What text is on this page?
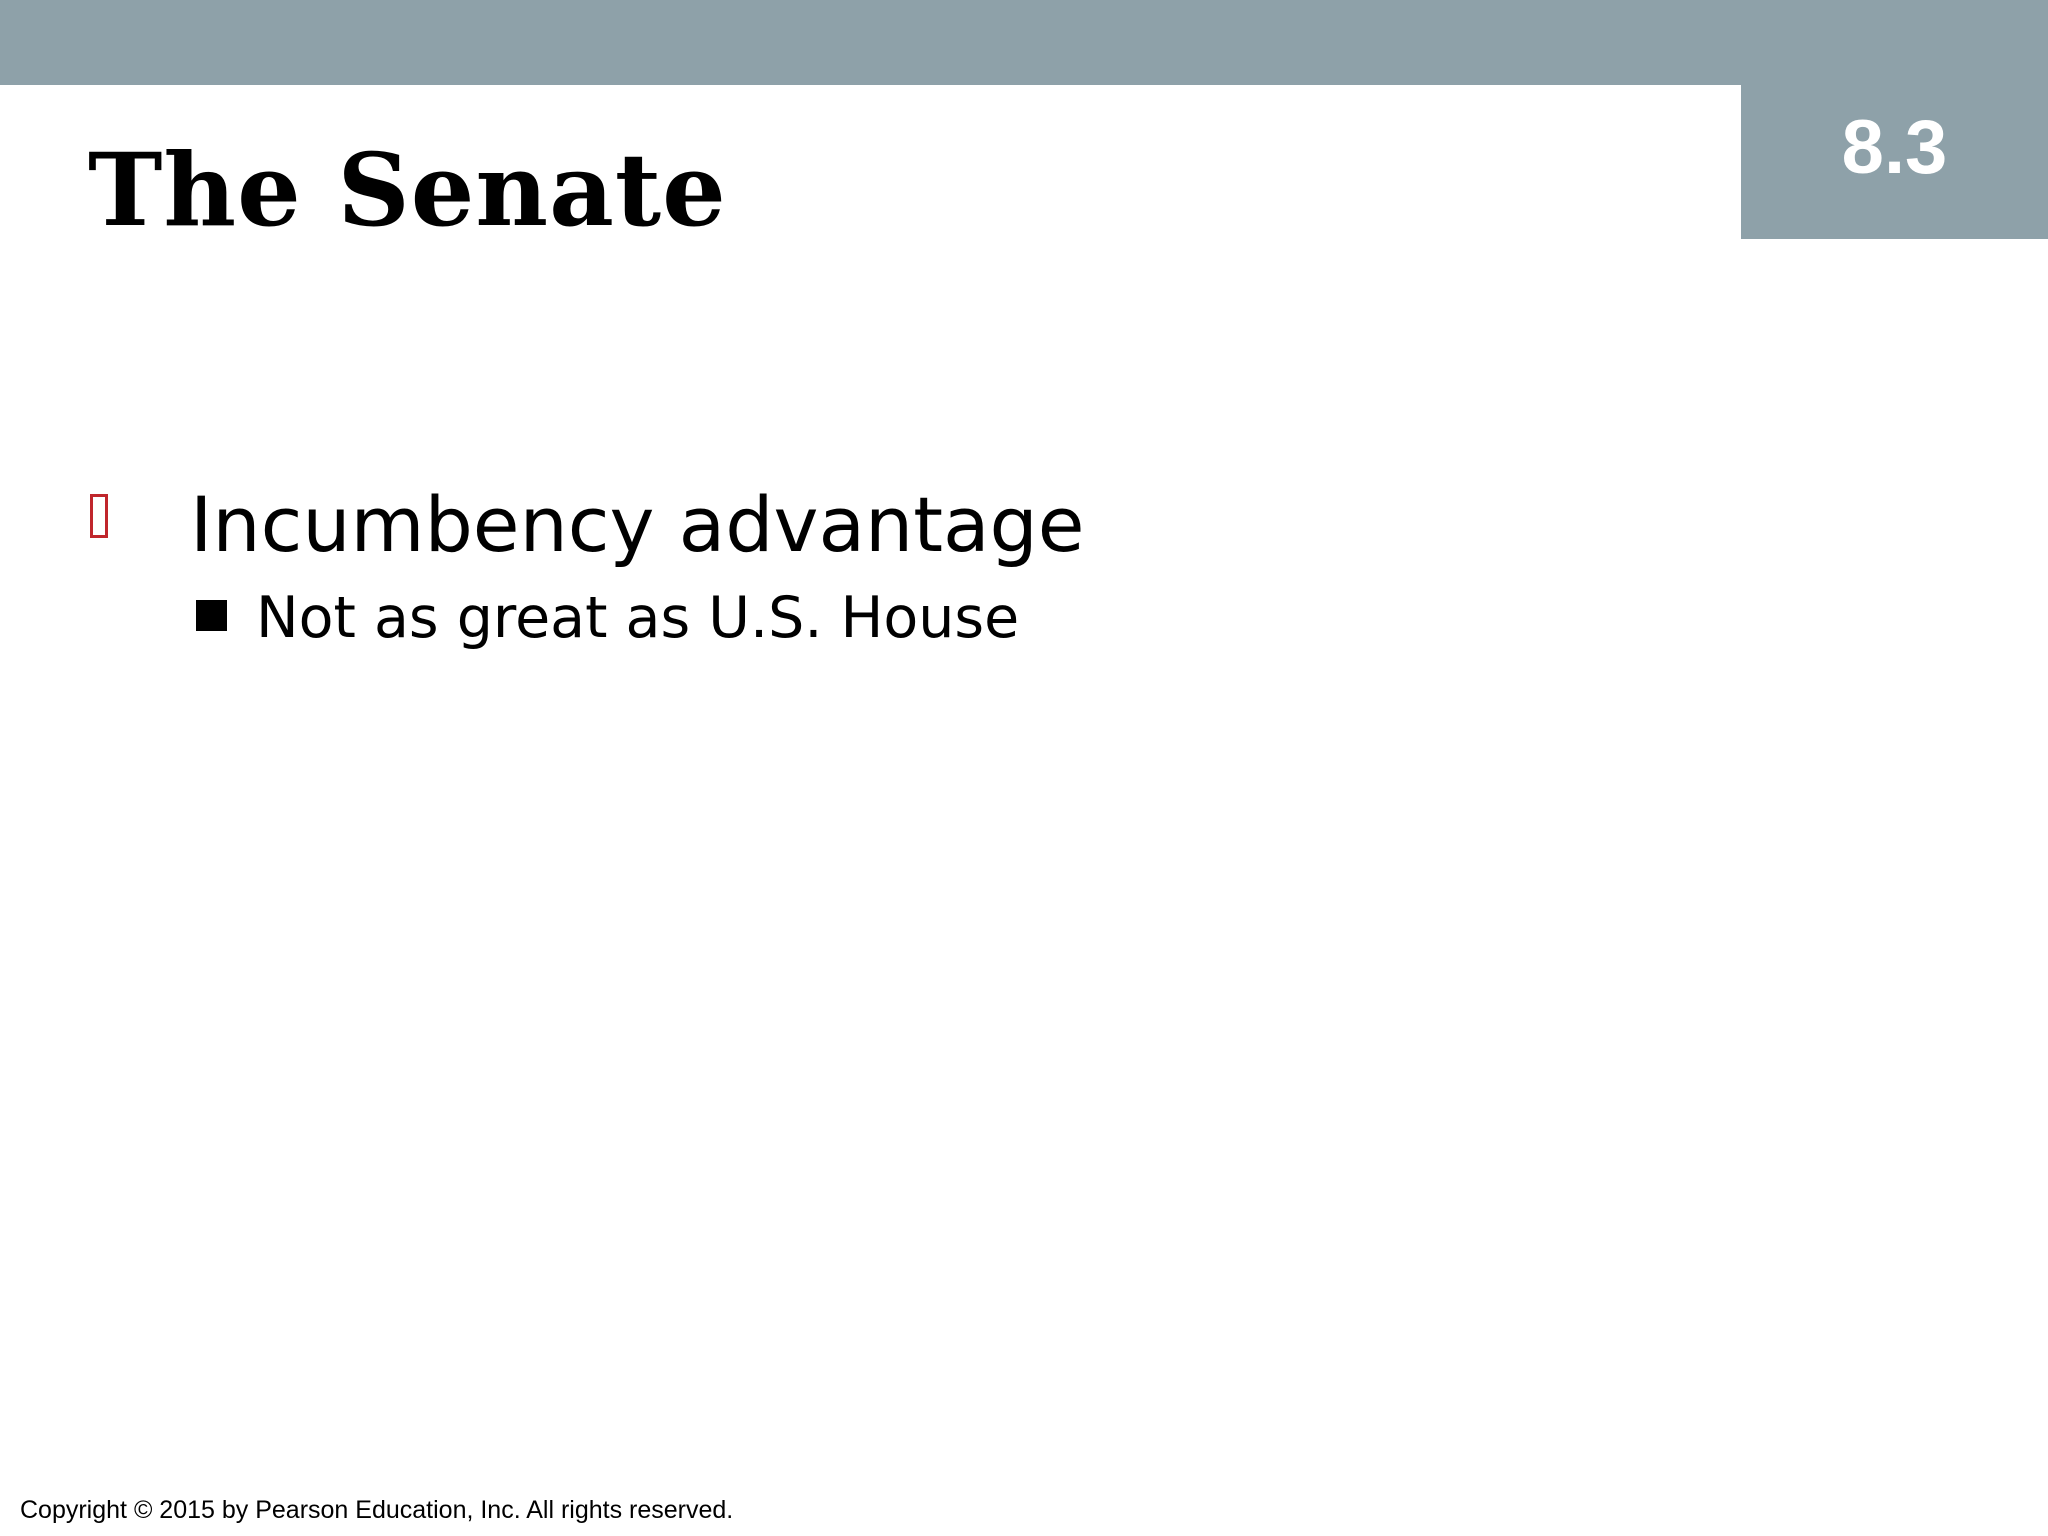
8.3
The Senate
Incumbency advantage
Not as great as U.S. House
Copyright © 2015 by Pearson Education, Inc. All rights reserved.
